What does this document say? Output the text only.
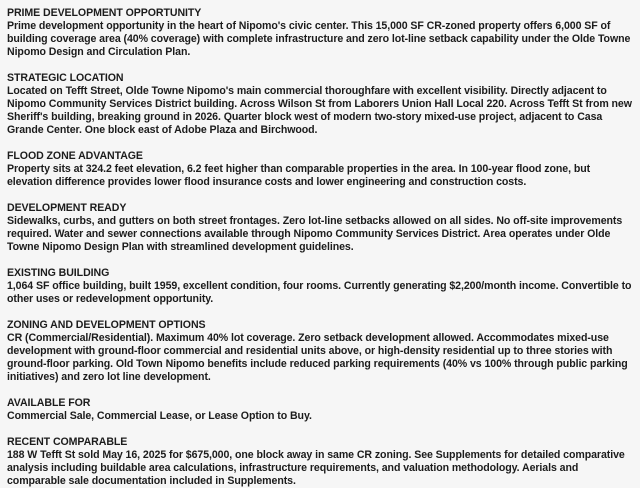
PRIME DEVELOPMENT OPPORTUNITY

Prime development opportunity in the heart of Nipomo's civic center. This 15,000 SF CR-zoned property offers 6,000 SF of building coverage area (40% coverage) with complete infrastructure and zero lot-line setback capability under the Olde Towne Nipomo Design and Circulation Plan.

STRATEGIC LOCATION

Located on Tefft Street, Olde Towne Nipomo's main commercial thoroughfare with excellent visibility. Directly adjacent to Nipomo Community Services District building. Across Wilson St from Laborers Union Hall Local 220. Across Tefft St from new Sheriff's building, breaking ground in 2026. Quarter block west of modern two-story mixed-use project, adjacent to Casa Grande Center. One block east of Adobe Plaza and Birchwood.

FLOOD ZONE ADVANTAGE

Property sits at 324.2 feet elevation, 6.2 feet higher than comparable properties in the area. In 100-year flood zone, but elevation difference provides lower flood insurance costs and lower engineering and construction costs.

DEVELOPMENT READY

Sidewalks, curbs, and gutters on both street frontages. Zero lot-line setbacks allowed on all sides. No off-site improvements required. Water and sewer connections available through Nipomo Community Services District. Area operates under Olde Towne Nipomo Design Plan with streamlined development guidelines.

EXISTING BUILDING

1,064 SF office building, built 1959, excellent condition, four rooms. Currently generating $2,200/month income. Convertible to other uses or redevelopment opportunity.

ZONING AND DEVELOPMENT OPTIONS

CR (Commercial/Residential). Maximum 40% lot coverage. Zero setback development allowed. Accommodates mixed-use development with ground-floor commercial and residential units above, or high-density residential up to three stories with ground-floor parking. Old Town Nipomo benefits include reduced parking requirements (40% vs 100% through public parking initiatives) and zero lot line development.

AVAILABLE FOR

Commercial Sale, Commercial Lease, or Lease Option to Buy.

RECENT COMPARABLE

188 W Tefft St sold May 16, 2025 for $675,000, one block away in same CR zoning. See Supplements for detailed comparative analysis including buildable area calculations, infrastructure requirements, and valuation methodology. Aerials and comparable sale documentation included in Supplements.
